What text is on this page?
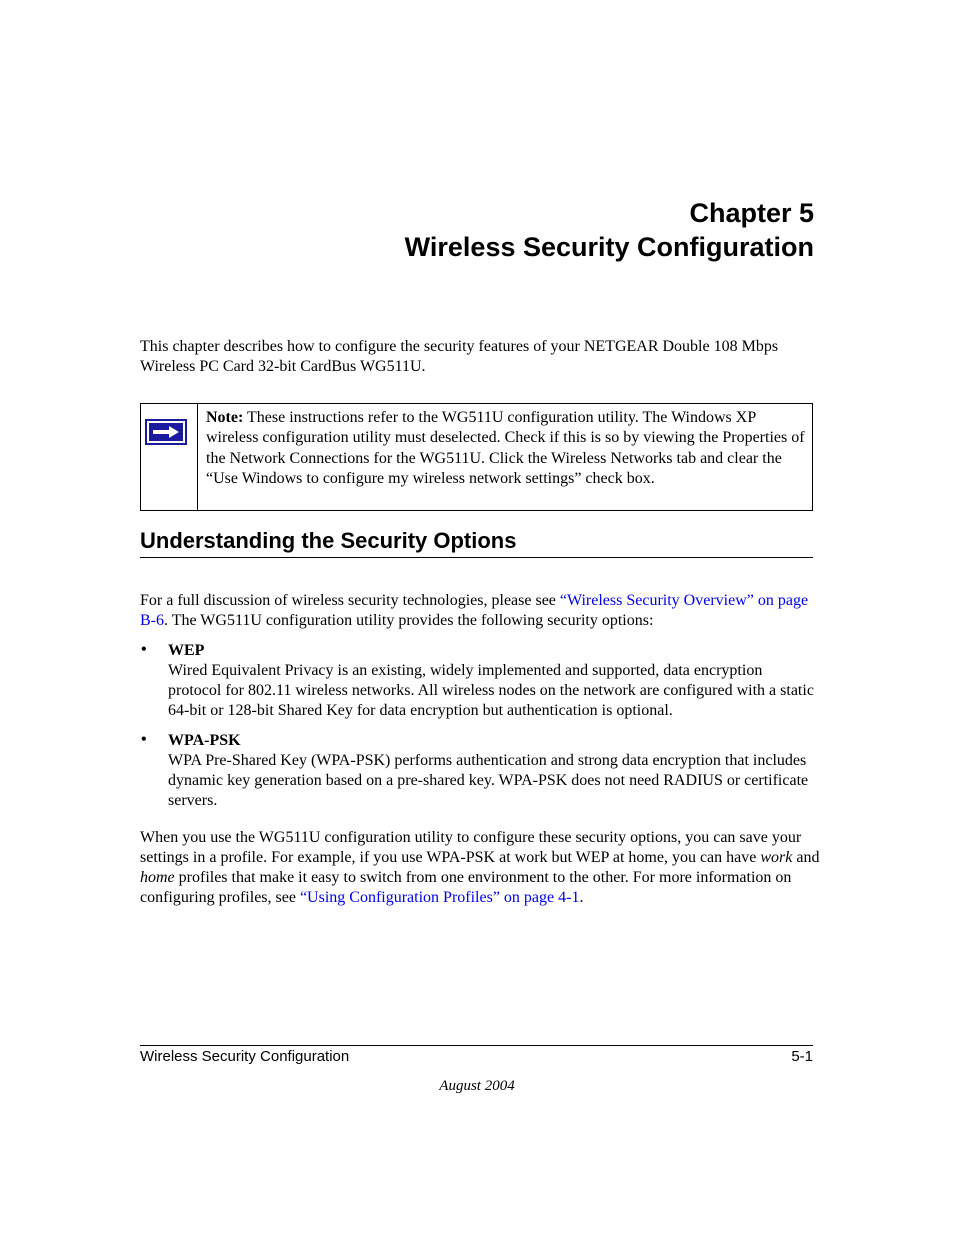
Chapter 5
Wireless Security Configuration

This chapter describes how to configure the security features of your NETGEAR Double 108 Mbps Wireless PC Card 32-bit CardBus WG511U.

Note: These instructions refer to the WG511U configuration utility. The Windows XP wireless configuration utility must deselected. Check if this is so by viewing the Properties of the Network Connections for the WG511U. Click the Wireless Networks tab and clear the “Use Windows to configure my wireless network settings” check box.

Understanding the Security Options

For a full discussion of wireless security technologies, please see “Wireless Security Overview” on page B-6. The WG511U configuration utility provides the following security options:

• WEP
Wired Equivalent Privacy is an existing, widely implemented and supported, data encryption protocol for 802.11 wireless networks. All wireless nodes on the network are configured with a static 64-bit or 128-bit Shared Key for data encryption but authentication is optional.

• WPA-PSK
WPA Pre-Shared Key (WPA-PSK) performs authentication and strong data encryption that includes dynamic key generation based on a pre-shared key. WPA-PSK does not need RADIUS or certificate servers.

When you use the WG511U configuration utility to configure these security options, you can save your settings in a profile. For example, if you use WPA-PSK at work but WEP at home, you can have work and home profiles that make it easy to switch from one environment to the other. For more information on configuring profiles, see “Using Configuration Profiles” on page 4-1.

Wireless Security Configuration	5-1
August 2004
